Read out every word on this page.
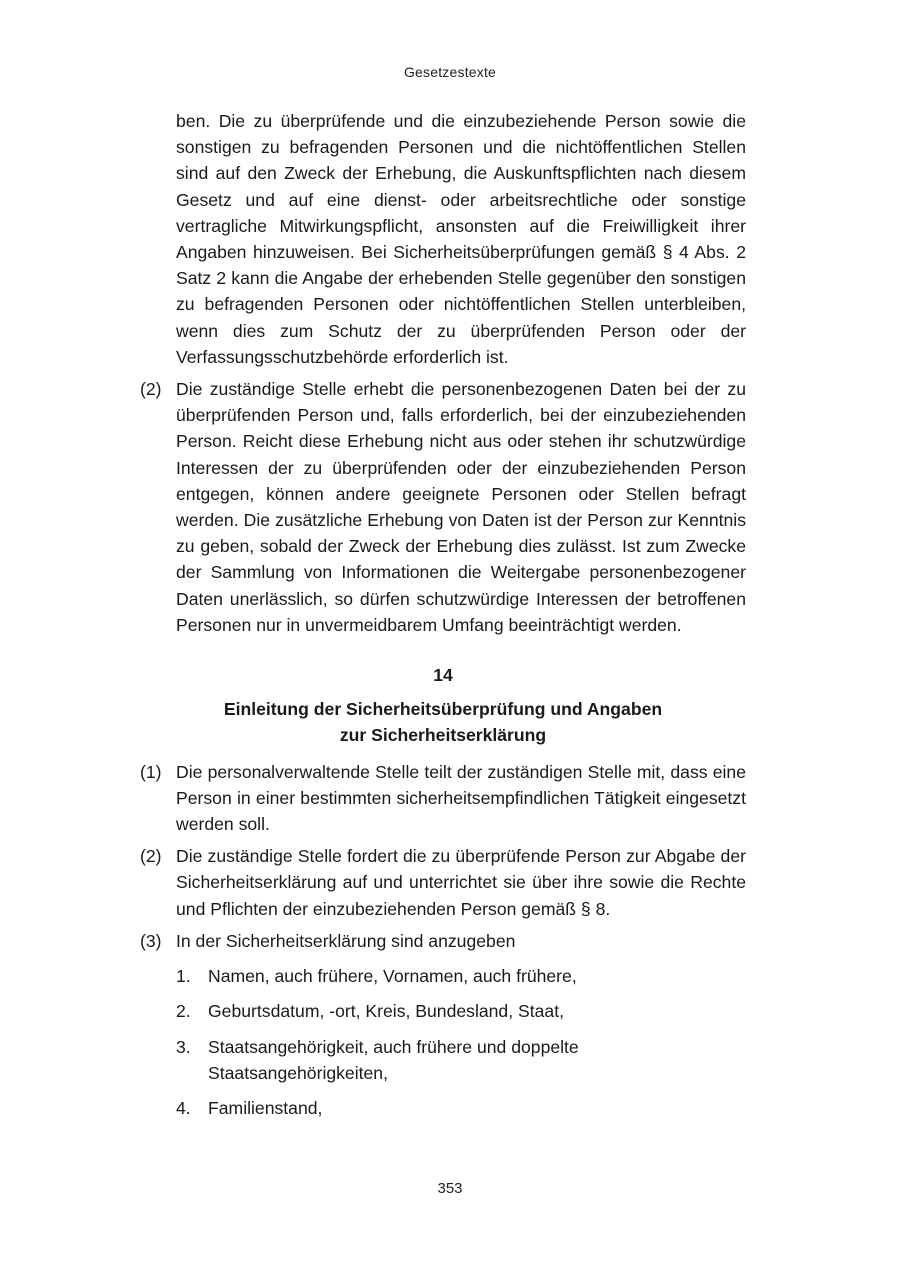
Gesetzestexte

ben. Die zu überprüfende und die einzubeziehende Person sowie die sonstigen zu befragenden Personen und die nichtöffentlichen Stellen sind auf den Zweck der Erhebung, die Auskunftspflichten nach diesem Gesetz und auf eine dienst- oder arbeitsrechtliche oder sonstige vertragliche Mitwirkungspflicht, ansonsten auf die Freiwilligkeit ihrer Angaben hinzuweisen. Bei Sicherheitsüberprüfungen gemäß § 4 Abs. 2 Satz 2 kann die Angabe der erhebenden Stelle gegenüber den sonstigen zu befragenden Personen oder nichtöffentlichen Stellen unterbleiben, wenn dies zum Schutz der zu überprüfenden Person oder der Verfassungsschutzbehörde erforderlich ist.

(2) Die zuständige Stelle erhebt die personenbezogenen Daten bei der zu überprüfenden Person und, falls erforderlich, bei der einzubeziehenden Person. Reicht diese Erhebung nicht aus oder stehen ihr schutzwürdige Interessen der zu überprüfenden oder der einzubeziehenden Person entgegen, können andere geeignete Personen oder Stellen befragt werden. Die zusätzliche Erhebung von Daten ist der Person zur Kenntnis zu geben, sobald der Zweck der Erhebung dies zulässt. Ist zum Zwecke der Sammlung von Informationen die Weitergabe personenbezogener Daten unerlässlich, so dürfen schutzwürdige Interessen der betroffenen Personen nur in unvermeidbarem Umfang beeinträchtigt werden.

14
Einleitung der Sicherheitsüberprüfung und Angaben
zur Sicherheitserklärung
(1) Die personalverwaltende Stelle teilt der zuständigen Stelle mit, dass eine Person in einer bestimmten sicherheitsempfindlichen Tätigkeit eingesetzt werden soll.

(2) Die zuständige Stelle fordert die zu überprüfende Person zur Abgabe der Sicherheitserklärung auf und unterrichtet sie über ihre sowie die Rechte und Pflichten der einzubeziehenden Person gemäß § 8.

(3) In der Sicherheitserklärung sind anzugeben

1. Namen, auch frühere, Vornamen, auch frühere,
2. Geburtsdatum, -ort, Kreis, Bundesland, Staat,
3. Staatsangehörigkeit, auch frühere und doppelte Staatsangehörigkeiten,
4. Familienstand,
353
